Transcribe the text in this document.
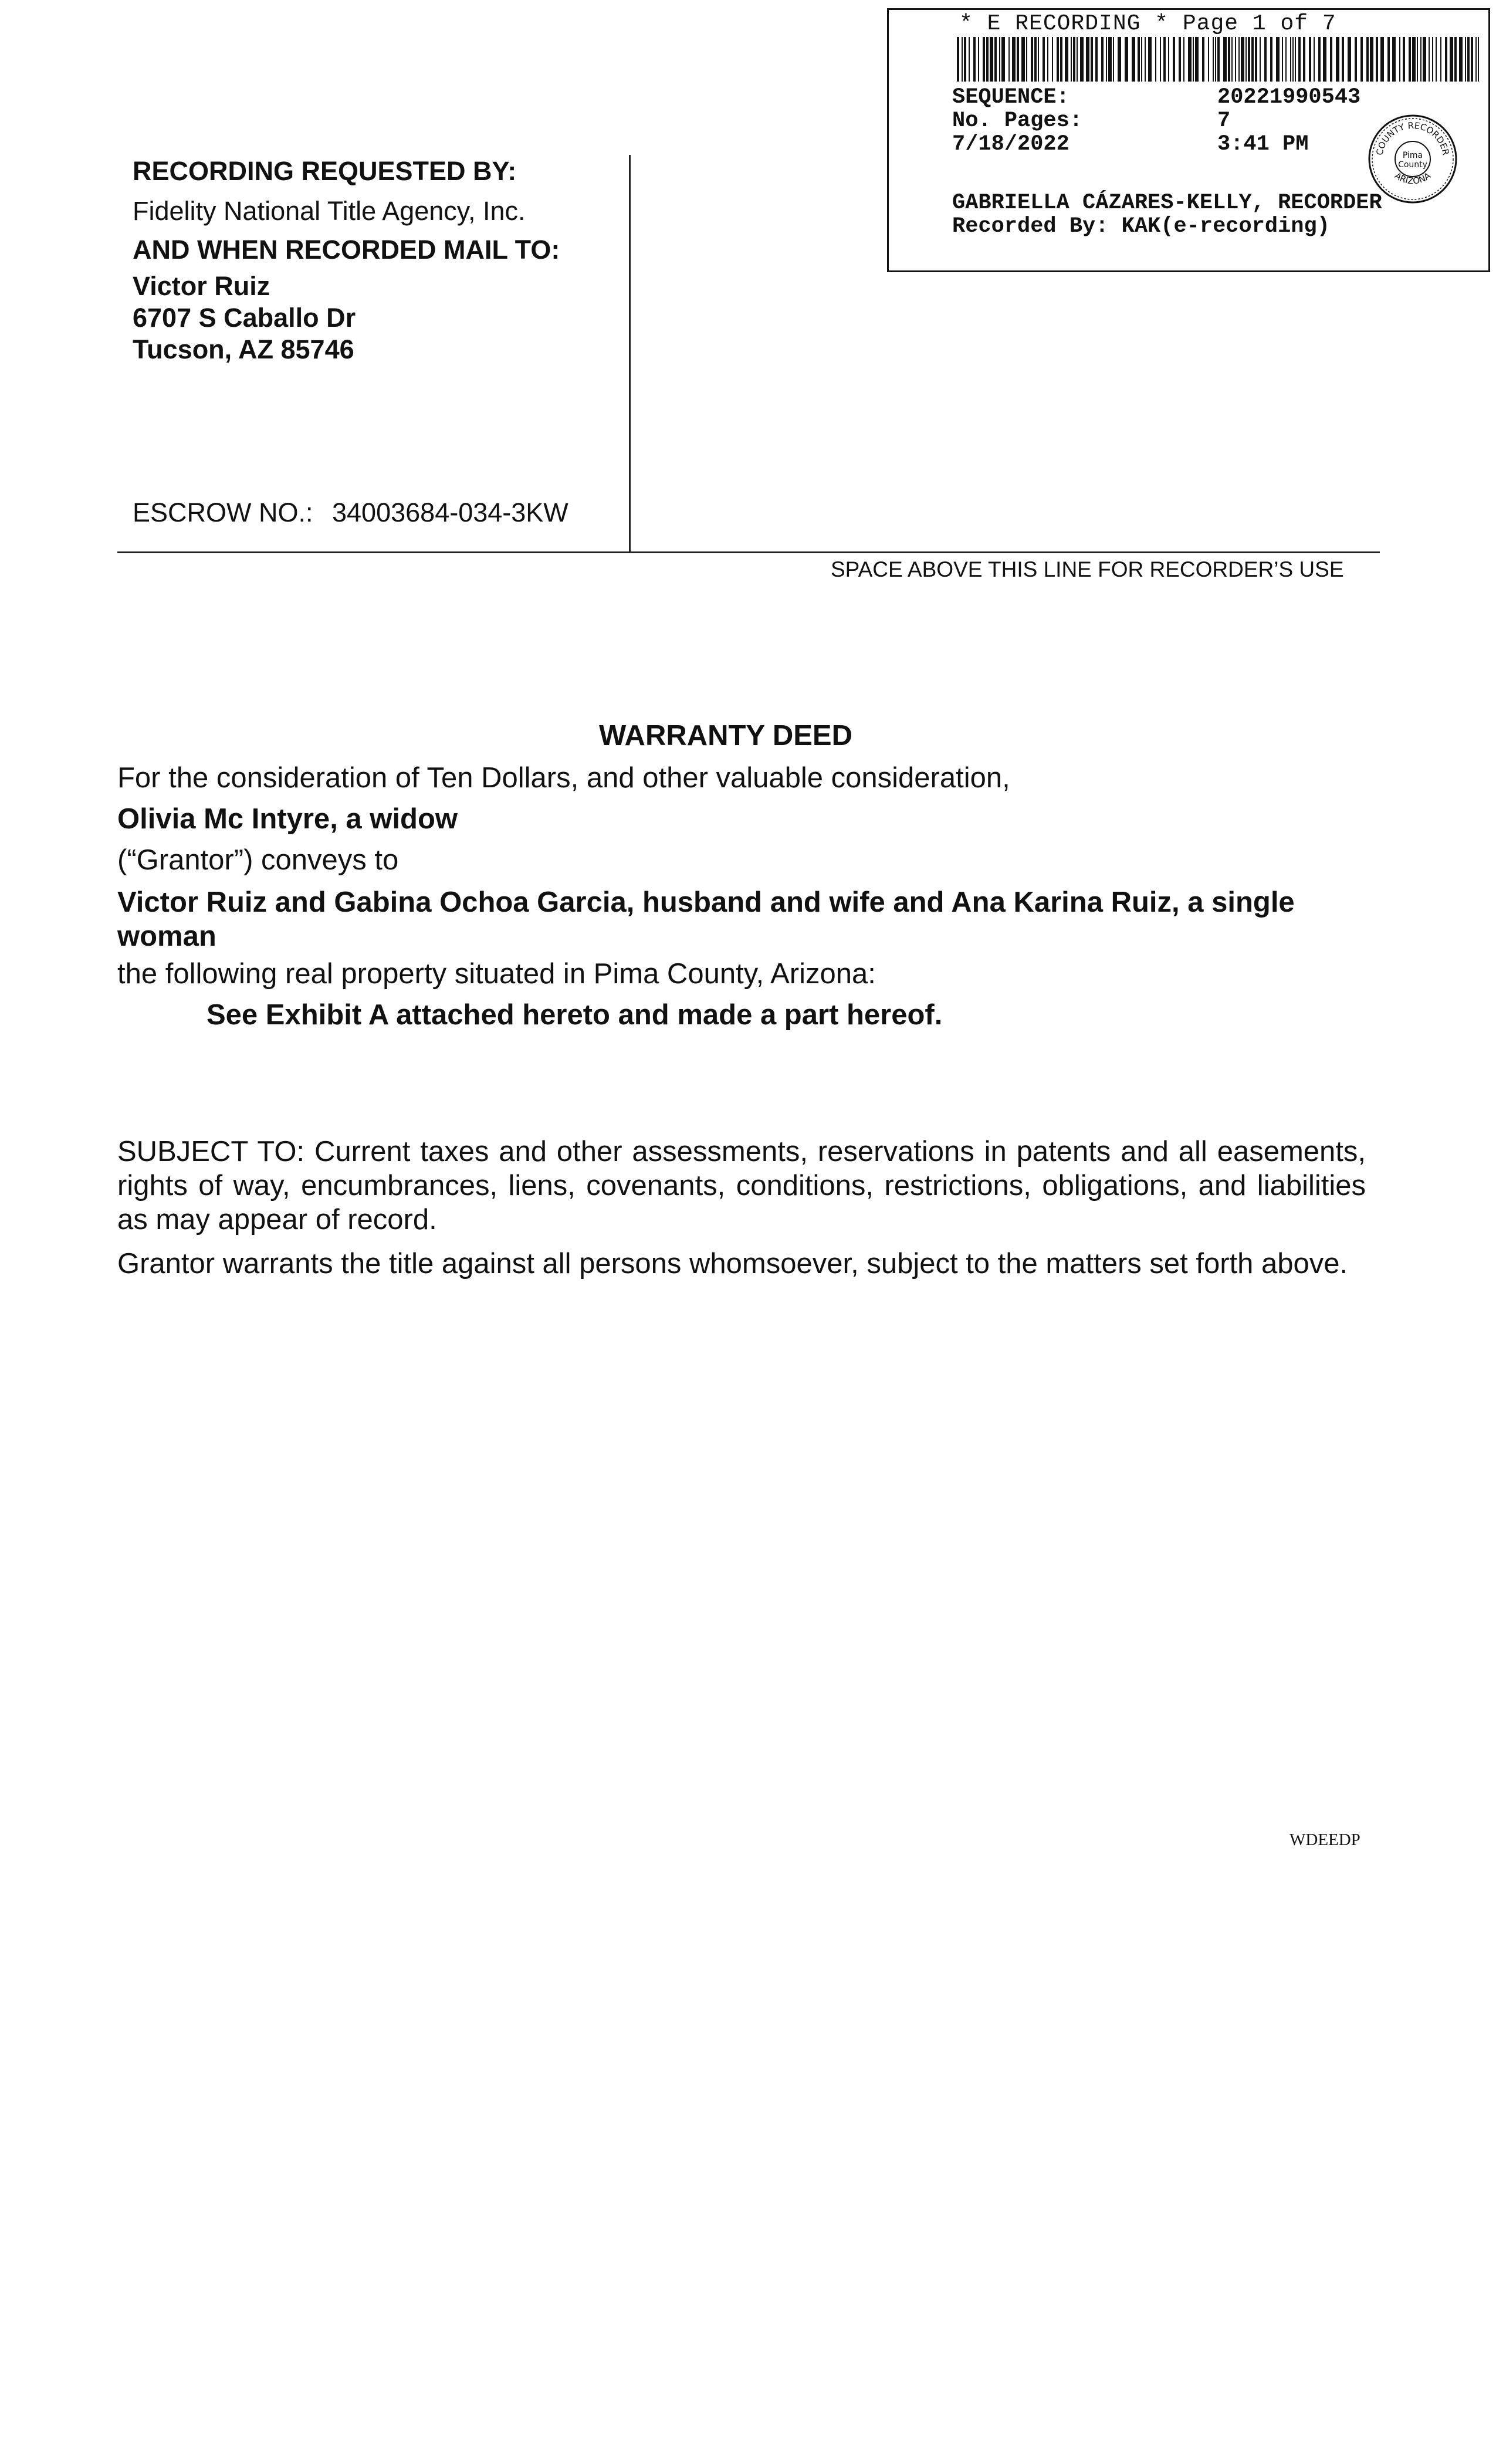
* E RECORDING * Page 1 of 7
SEQUENCE:	20221990543
No. Pages:	7
7/18/2022	3:41 PM	COUNTY RECORDER
ARIZONA
Pima
County
GABRIELLA CÁZARES-KELLY, RECORDER
Recorded By: KAK(e-recording)
RECORDING REQUESTED BY:
Fidelity National Title Agency, Inc.
AND WHEN RECORDED MAIL TO:
Victor Ruiz
6707 S Caballo Dr
Tucson, AZ 85746
ESCROW NO.: 34003684-034-3KW
SPACE ABOVE THIS LINE FOR RECORDER’S USE
WARRANTY DEED
For the consideration of Ten Dollars, and other valuable consideration,
Olivia Mc Intyre, a widow
(“Grantor”) conveys to
Victor Ruiz and Gabina Ochoa Garcia, husband and wife and Ana Karina Ruiz, a single
woman
the following real property situated in Pima County, Arizona:
See Exhibit A attached hereto and made a part hereof.
SUBJECT TO: Current taxes and other assessments, reservations in patents and all easements, rights of way, encumbrances, liens, covenants, conditions, restrictions, obligations, and liabilities as may appear of record.
Grantor warrants the title against all persons whomsoever, subject to the matters set forth above.
WDEEDP
